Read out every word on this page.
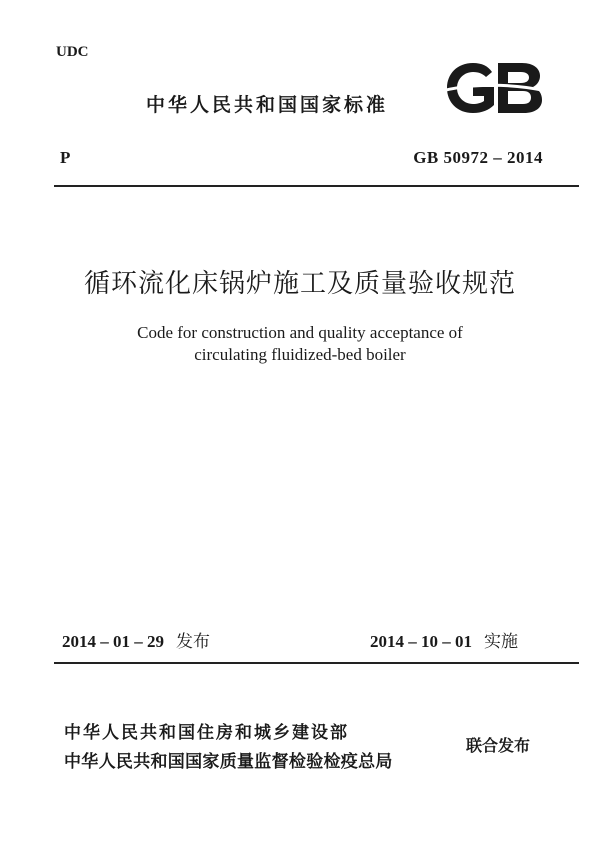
UDC
中华人民共和国国家标准
P	GB 50972 – 2014
循环流化床锅炉施工及质量验收规范
Code for construction and quality acceptance of
circulating fluidized-bed boiler
2014 – 01 – 29 发布	2014 – 10 – 01 实施
中华人民共和国住房和城乡建设部
中华人民共和国国家质量监督检验检疫总局
联合发布
